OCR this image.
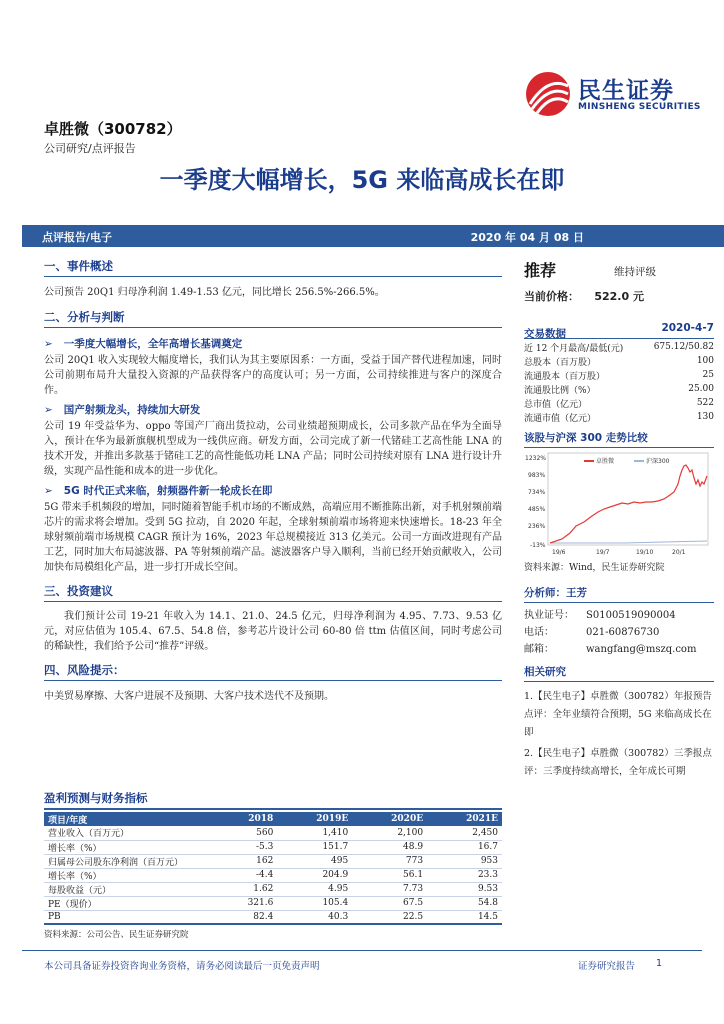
民生证券
MINSHENG SECURITIES
卓胜微（300782）
公司研究/点评报告
一季度大幅增长，5G 来临高成长在即
点评报告/电子	2020 年 04 月 08 日
一、事件概述
公司预告 20Q1 归母净利润 1.49-1.53 亿元，同比增长 256.5%-266.5%。
二、分析与判断
➢ 一季度大幅增长，全年高增长基调奠定
公司 20Q1 收入实现较大幅度增长，我们认为其主要原因系：一方面，受益于国产替代进程加速，同时公司前期布局升大量投入资源的产品获得客户的高度认可；另一方面，公司持续推进与客户的深度合作。
➢ 国产射频龙头，持续加大研发
公司 19 年受益华为、oppo 等国产厂商出货拉动，公司业绩超预期成长，公司多款产品在华为全面导入，预计在华为最新旗舰机型成为一线供应商。研发方面，公司完成了新一代锗硅工艺高性能 LNA 的技术开发，并推出多款基于锗硅工艺的高性能低功耗 LNA 产品；同时公司持续对原有 LNA 进行设计升级，实现产品性能和成本的进一步优化。
➢ 5G 时代正式来临，射频器件新一轮成长在即
5G 带来手机频段的增加，同时随着智能手机市场的不断成熟，高端应用不断推陈出新，对手机射频前端芯片的需求将会增加。受到 5G 拉动，自 2020 年起，全球射频前端市场将迎来快速增长。18-23 年全球射频前端市场规模 CAGR 预计为 16%，2023 年总规模接近 313 亿美元。公司一方面改进现有产品工艺，同时加大布局滤波器、PA 等射频前端产品。滤波器客户导入顺利，当前已经开始贡献收入，公司加快布局模组化产品，进一步打开成长空间。
三、投资建议
我们预计公司 19-21 年收入为 14.1、21.0、24.5 亿元，归母净利润为 4.95、7.73、9.53 亿元，对应估值为 105.4、67.5、54.8 倍，参考芯片设计公司 60-80 倍 ttm 估值区间，同时考虑公司的稀缺性，我们给予公司“推荐”评级。
四、风险提示：
中美贸易摩擦、大客户进展不及预期、大客户技术迭代不及预期。
盈利预测与财务指标
项目/年度	2018	2019E	2020E	2021E
营业收入（百万元）	560	1,410	2,100	2,450
增长率（%）	-5.3	151.7	48.9	16.7
归属母公司股东净利润（百万元）	162	495	773	953
增长率（%）	-4.4	204.9	56.1	23.3
每股收益（元）	1.62	4.95	7.73	9.53
PE（现价）	321.6	105.4	67.5	54.8
PB	82.4	40.3	22.5	14.5
资料来源：公司公告、民生证券研究院
推荐	维持评级
当前价格： 522.0 元
交易数据	2020-4-7
近 12 个月最高/最低(元)	675.12/50.82
总股本（百万股）	100
流通股本（百万股）	25
流通股比例（%）	25.00
总市值（亿元）	522
流通市值（亿元）	130
该股与沪深 300 走势比较
卓胜微	沪深300
1232%
983%
734%
485%
236%
-13%
19/6	19/7	19/10	20/1
资料来源：Wind，民生证券研究院
分析师：王芳
执业证号： S0100519090004
电话：	021-60876730
邮箱：	wangfang@mszq.com
相关研究
1.【民生电子】卓胜微（300782）年报预告点评：全年业绩符合预期，5G 来临高成长在即
2.【民生电子】卓胜微（300782）三季报点评：三季度持续高增长，全年成长可期
本公司具备证券投资咨询业务资格，请务必阅读最后一页免责声明	证券研究报告 1
